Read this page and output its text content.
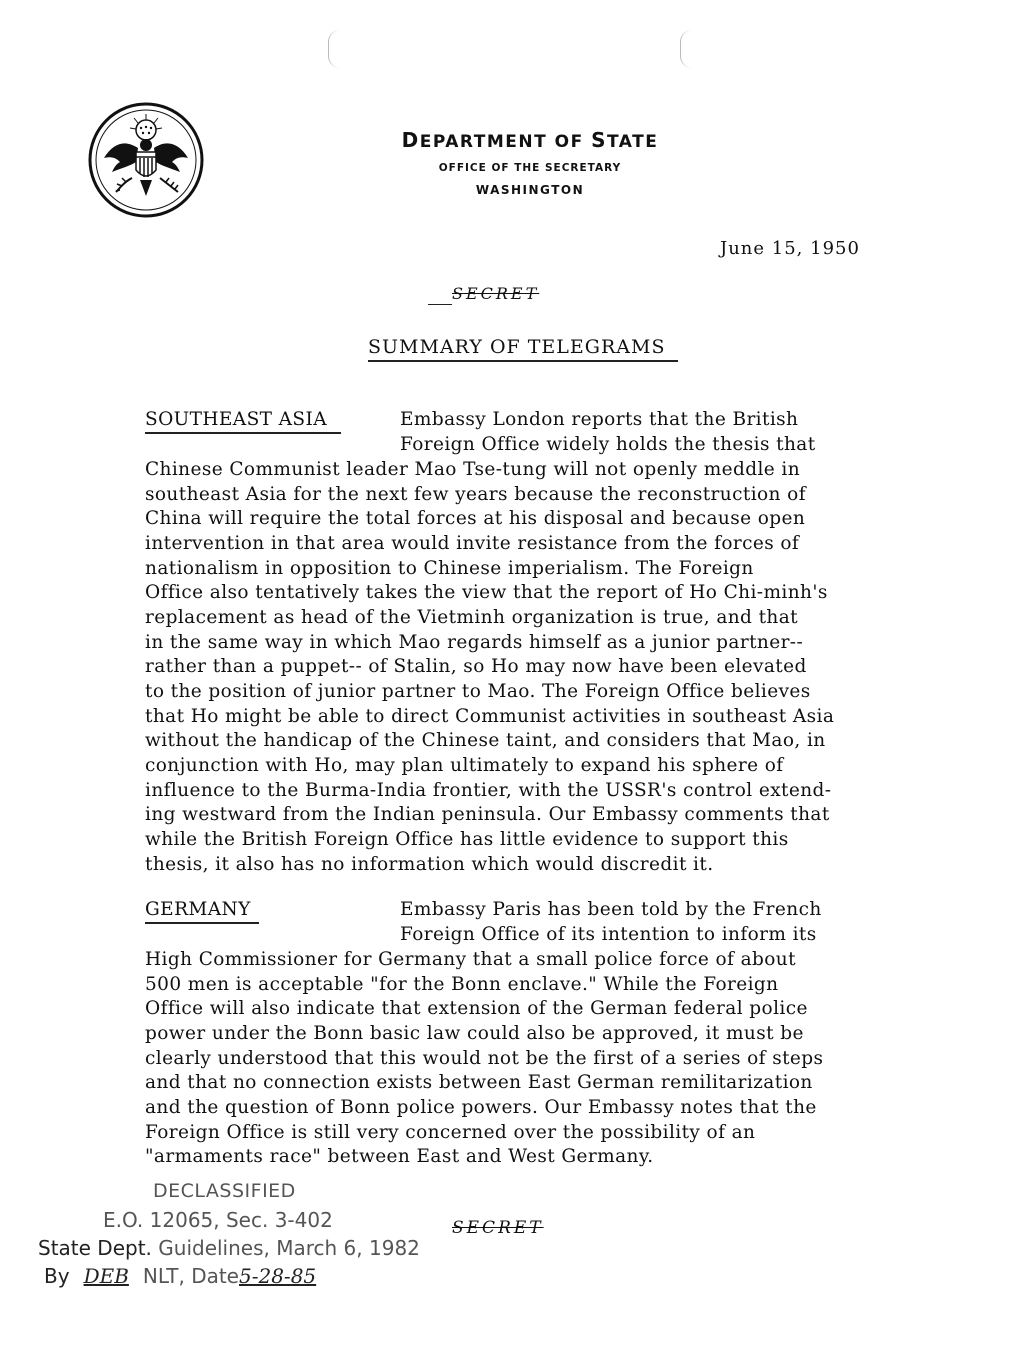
DEPARTMENT OF STATE
OFFICE OF THE SECRETARY
WASHINGTON
June 15, 1950
SECRET
SUMMARY OF TELEGRAMS
SOUTHEAST ASIA	Embassy London reports that the British
Foreign Office widely holds the thesis that
Chinese Communist leader Mao Tse-tung will not openly meddle in
southeast Asia for the next few years because the reconstruction of
China will require the total forces at his disposal and because open
intervention in that area would invite resistance from the forces of
nationalism in opposition to Chinese imperialism. The Foreign
Office also tentatively takes the view that the report of Ho Chi-minh's
replacement as head of the Vietminh organization is true, and that
in the same way in which Mao regards himself as a junior partner--
rather than a puppet-- of Stalin, so Ho may now have been elevated
to the position of junior partner to Mao. The Foreign Office believes
that Ho might be able to direct Communist activities in southeast Asia
without the handicap of the Chinese taint, and considers that Mao, in
conjunction with Ho, may plan ultimately to expand his sphere of
influence to the Burma-India frontier, with the USSR's control extend-
ing westward from the Indian peninsula. Our Embassy comments that
while the British Foreign Office has little evidence to support this
thesis, it also has no information which would discredit it.
GERMANY	Embassy Paris has been told by the French
Foreign Office of its intention to inform its
High Commissioner for Germany that a small police force of about
500 men is acceptable "for the Bonn enclave." While the Foreign
Office will also indicate that extension of the German federal police
power under the Bonn basic law could also be approved, it must be
clearly understood that this would not be the first of a series of steps
and that no connection exists between East German remilitarization
and the question of Bonn police powers. Our Embassy notes that the
Foreign Office is still very concerned over the possibility of an
"armaments race" between East and West Germany.
DECLASSIFIED
E.O. 12065, Sec. 3-402
State Dept. Guidelines, March 6, 1982
By DEB NLT, Date5-28-85
SECRET
